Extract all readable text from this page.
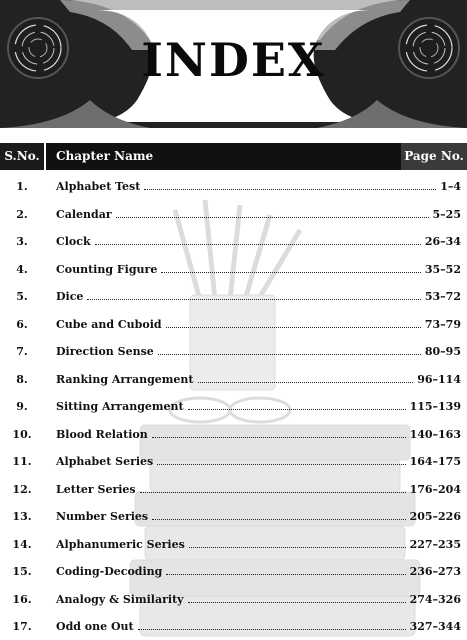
INDEX
S.No.	Chapter Name	Page No.
1.	Alphabet Test	1–4
2.	Calendar	5–25
3.	Clock	26–34
4.	Counting Figure	35–52
5.	Dice	53–72
6.	Cube and Cuboid	73–79
7.	Direction Sense	80–95
8.	Ranking Arrangement	96–114
9.	Sitting Arrangement	115–139
10.	Blood Relation	140–163
11.	Alphabet Series	164–175
12.	Letter Series	176–204
13.	Number Series	205–226
14.	Alphanumeric Series	227–235
15.	Coding-Decoding	236–273
16.	Analogy & Similarity	274–326
17.	Odd one Out	327–344
